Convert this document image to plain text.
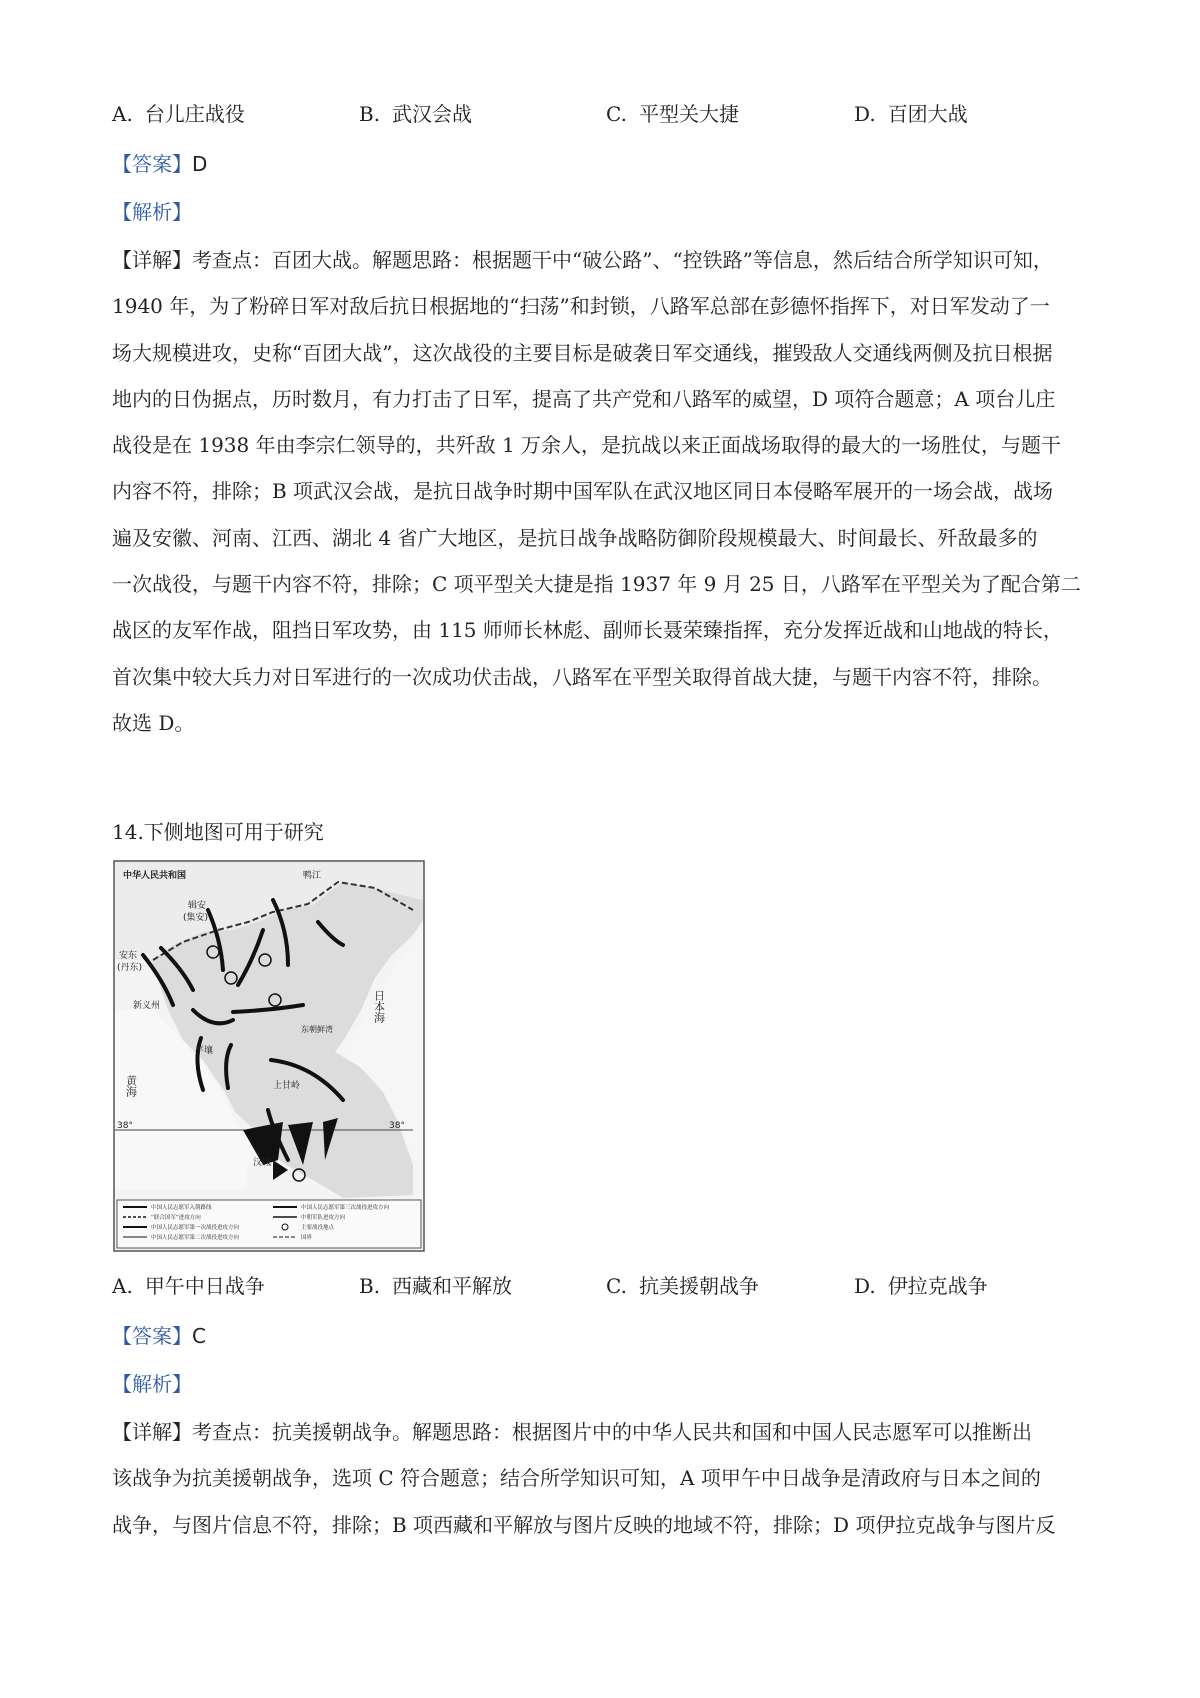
A. 台儿庄战役	B. 武汉会战	C. 平型关大捷	D. 百团大战
【答案】D
【解析】
【详解】考查点：百团大战。解题思路：根据题干中“破公路”、“控铁路”等信息，然后结合所学知识可知，
1940 年，为了粉碎日军对敌后抗日根据地的“扫荡”和封锁，八路军总部在彭德怀指挥下，对日军发动了一
场大规模进攻，史称“百团大战”，这次战役的主要目标是破袭日军交通线，摧毁敌人交通线两侧及抗日根据
地内的日伪据点，历时数月，有力打击了日军，提高了共产党和八路军的威望，D 项符合题意；A 项台儿庄
战役是在 1938 年由李宗仁领导的，共歼敌 1 万余人，是抗战以来正面战场取得的最大的一场胜仗，与题干
内容不符，排除；B 项武汉会战，是抗日战争时期中国军队在武汉地区同日本侵略军展开的一场会战，战场
遍及安徽、河南、江西、湖北 4 省广大地区，是抗日战争战略防御阶段规模最大、时间最长、歼敌最多的
一次战役，与题干内容不符，排除；C 项平型关大捷是指 1937 年 9 月 25 日，八路军在平型关为了配合第二
战区的友军作战，阻挡日军攻势，由 115 师师长林彪、副师长聂荣臻指挥，充分发挥近战和山地战的特长，
首次集中较大兵力对日军进行的一次成功伏击战，八路军在平型关取得首战大捷，与题干内容不符，排除。
故选 D。
14.下侧地图可用于研究
中华人民共和国	鸭江
辑安
(集安)
安东
(丹东)
新义州
平壤
东朝鲜湾
日本海
黄海	上甘岭
汉城
38°	38°
中国人民志愿军入朝路线
“联合国军”进攻方向
中国人民志愿军第一次战役进攻方向
中国人民志愿军第二次战役进攻方向
中国人民志愿军第三次战役进攻方向
中朝军队进攻方向
主要战役地点
国界
A. 甲午中日战争	B. 西藏和平解放	C. 抗美援朝战争	D. 伊拉克战争
【答案】C
【解析】
【详解】考查点：抗美援朝战争。解题思路：根据图片中的中华人民共和国和中国人民志愿军可以推断出
该战争为抗美援朝战争，选项 C 符合题意；结合所学知识可知，A 项甲午中日战争是清政府与日本之间的
战争，与图片信息不符，排除；B 项西藏和平解放与图片反映的地域不符，排除；D 项伊拉克战争与图片反
